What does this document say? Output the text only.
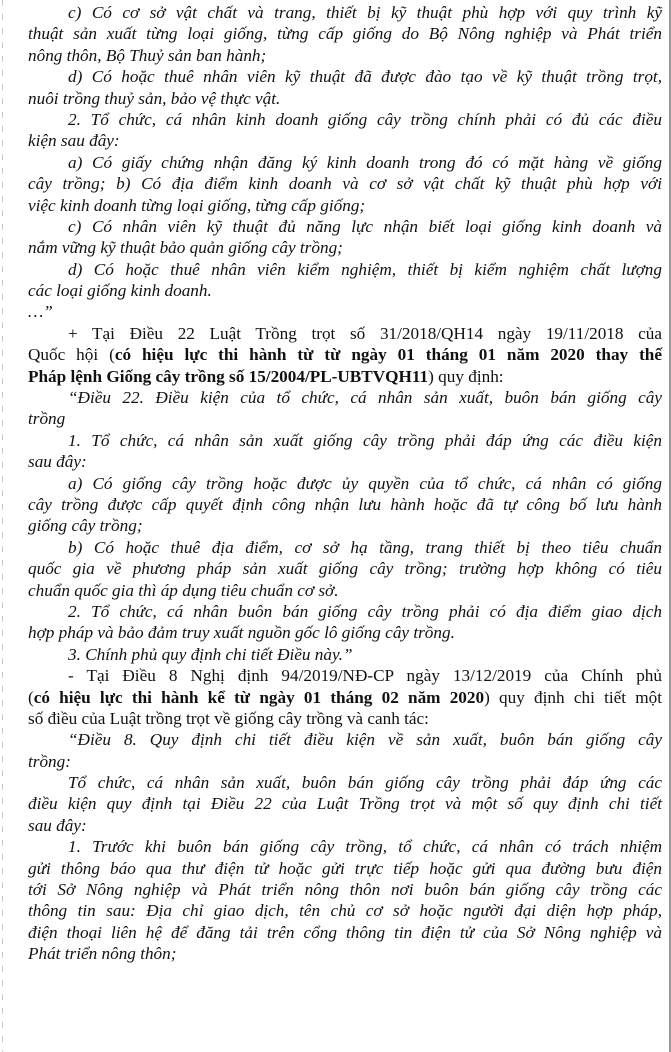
c) Có cơ sở vật chất và trang, thiết bị kỹ thuật phù hợp với quy trình kỹ
thuật sản xuất từng loại giống, từng cấp giống do Bộ Nông nghiệp và Phát triển
nông thôn, Bộ Thuỷ sản ban hành;
d) Có hoặc thuê nhân viên kỹ thuật đã được đào tạo về kỹ thuật trồng trọt,
nuôi trồng thuỷ sản, bảo vệ thực vật.
2. Tổ chức, cá nhân kinh doanh giống cây trồng chính phải có đủ các điều
kiện sau đây:
a) Có giấy chứng nhận đăng ký kinh doanh trong đó có mặt hàng về giống
cây trồng; b) Có địa điểm kinh doanh và cơ sở vật chất kỹ thuật phù hợp với
việc kinh doanh từng loại giống, từng cấp giống;
c) Có nhân viên kỹ thuật đủ năng lực nhận biết loại giống kinh doanh và
nắm vững kỹ thuật bảo quản giống cây trồng;
d) Có hoặc thuê nhân viên kiểm nghiệm, thiết bị kiểm nghiệm chất lượng
các loại giống kinh doanh.
…”
+ Tại Điều 22 Luật Trồng trọt số 31/2018/QH14 ngày 19/11/2018 của
Quốc hội (có hiệu lực thi hành từ từ ngày 01 tháng 01 năm 2020 thay thế
Pháp lệnh Giống cây trồng số 15/2004/PL-UBTVQH11) quy định:
“Điều 22. Điều kiện của tổ chức, cá nhân sản xuất, buôn bán giống cây
trồng
1. Tổ chức, cá nhân sản xuất giống cây trồng phải đáp ứng các điều kiện
sau đây:
a) Có giống cây trồng hoặc được ủy quyền của tổ chức, cá nhân có giống
cây trồng được cấp quyết định công nhận lưu hành hoặc đã tự công bố lưu hành
giống cây trồng;
b) Có hoặc thuê địa điểm, cơ sở hạ tầng, trang thiết bị theo tiêu chuẩn
quốc gia về phương pháp sản xuất giống cây trồng; trường hợp không có tiêu
chuẩn quốc gia thì áp dụng tiêu chuẩn cơ sở.
2. Tổ chức, cá nhân buôn bán giống cây trồng phải có địa điểm giao dịch
hợp pháp và bảo đảm truy xuất nguồn gốc lô giống cây trồng.
3. Chính phủ quy định chi tiết Điều này.”
- Tại Điều 8 Nghị định 94/2019/NĐ-CP ngày 13/12/2019 của Chính phủ
(có hiệu lực thi hành kể từ ngày 01 tháng 02 năm 2020) quy định chi tiết một
số điều của Luật trồng trọt về giống cây trồng và canh tác:
“Điều 8. Quy định chi tiết điều kiện về sản xuất, buôn bán giống cây
trồng:
Tổ chức, cá nhân sản xuất, buôn bán giống cây trồng phải đáp ứng các
điều kiện quy định tại Điều 22 của Luật Trồng trọt và một số quy định chi tiết
sau đây:
1. Trước khi buôn bán giống cây trồng, tổ chức, cá nhân có trách nhiệm
gửi thông báo qua thư điện tử hoặc gửi trực tiếp hoặc gửi qua đường bưu điện
tới Sở Nông nghiệp và Phát triển nông thôn nơi buôn bán giống cây trồng các
thông tin sau: Địa chỉ giao dịch, tên chủ cơ sở hoặc người đại diện hợp pháp,
điện thoại liên hệ để đăng tải trên cổng thông tin điện tử của Sở Nông nghiệp và
Phát triển nông thôn;
